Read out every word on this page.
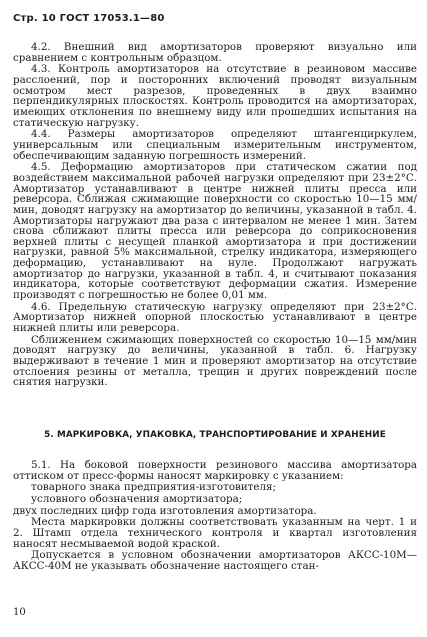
Стр. 10 ГОСТ 17053.1—80

4.2. Внешний вид амортизаторов проверяют визуально или сравнением с контрольным образцом.

4.3. Контроль амортизаторов на отсутствие в резиновом массиве расслоений, пор и посторонних включений проводят визуальным осмотром мест разрезов, проведенных в двух взаимно перпендикулярных плоскостях. Контроль проводится на амортизаторах, имеющих отклонения по внешнему виду или прошедших испытания на статическую нагрузку.

4.4. Размеры амортизаторов определяют штангенциркулем, универсальным или специальным измерительным инструментом, обеспечивающим заданную погрешность измерений.

4.5. Деформацию амортизаторов при статическом сжатии под воздействием максимальной рабочей нагрузки определяют при 23±2°С. Амортизатор устанавливают в центре нижней плиты пресса или реверсора. Сближая сжимающие поверхности со скоростью 10—15 мм/мин, доводят нагрузку на амортизатор до величины, указанной в табл. 4. Амортизаторы нагружают два раза с интервалом не менее 1 мин. Затем снова сближают плиты пресса или реверсора до соприкосновения верхней плиты с несущей планкой амортизатора и при достижении нагрузки, равной 5% максимальной, стрелку индикатора, измеряющего деформацию, устанавливают на нуле. Продолжают нагружать амортизатор до нагрузки, указанной в табл. 4, и считывают показания индикатора, которые соответствуют деформации сжатия. Измерение производят с погрешностью не более 0,01 мм.

4.6. Предельную статическую нагрузку определяют при 23±2°С. Амортизатор нижней опорной плоскостью устанавливают в центре нижней плиты или реверсора.

Сближением сжимающих поверхностей со скоростью 10—15 мм/мин доводят нагрузку до величины, указанной в табл. 6. Нагрузку выдерживают в течение 1 мин и проверяют амортизатор на отсутствие отслоения резины от металла, трещин и других повреждений после снятия нагрузки.

5. МАРКИРОВКА, УПАКОВКА, ТРАНСПОРТИРОВАНИЕ И ХРАНЕНИЕ

5.1. На боковой поверхности резинового массива амортизатора оттиском от пресс-формы наносят маркировку с указанием:

товарного знака предприятия-изготовителя;

условного обозначения амортизатора;

двух последних цифр года изготовления амортизатора.

Места маркировки должны соответствовать указанным на черт. 1 и 2. Штамп отдела технического контроля и квартал изготовления наносят несмываемой водой краской.

Допускается в условном обозначении амортизаторов АКСС-10М—АКСС-40М не указывать обозначение настоящего стан-

10
